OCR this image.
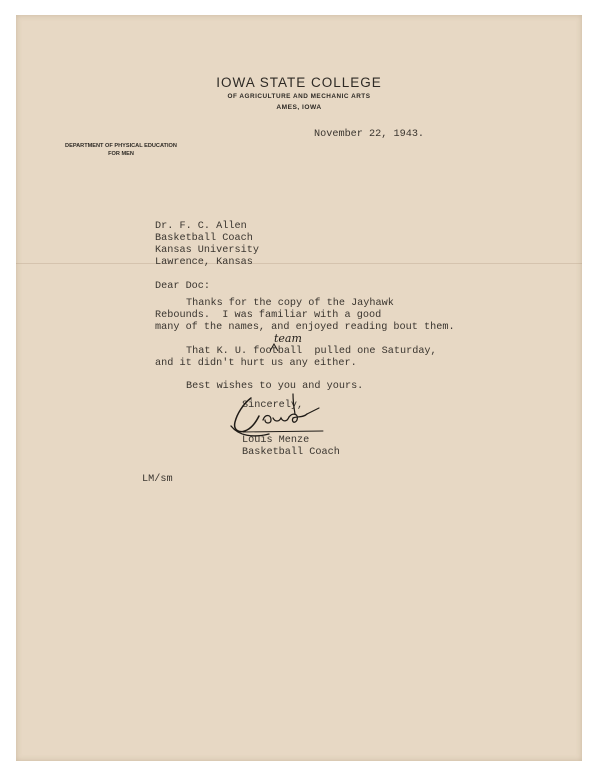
IOWA STATE COLLEGE
OF AGRICULTURE AND MECHANIC ARTS
AMES, IOWA
DEPARTMENT OF PHYSICAL EDUCATION
FOR MEN
November 22, 1943.
Dr. F. C. Allen
Basketball Coach
Kansas University
Lawrence, Kansas
Dear Doc:
Thanks for the copy of the Jayhawk
Rebounds.  I was familiar with a good
many of the names, and enjoyed reading bout them.
That K. U. football  pulled one Saturday,
team
and it didn't hurt us any either.
Best wishes to you and yours.
Sincerely,
Louis Menze
Basketball Coach
LM/sm
